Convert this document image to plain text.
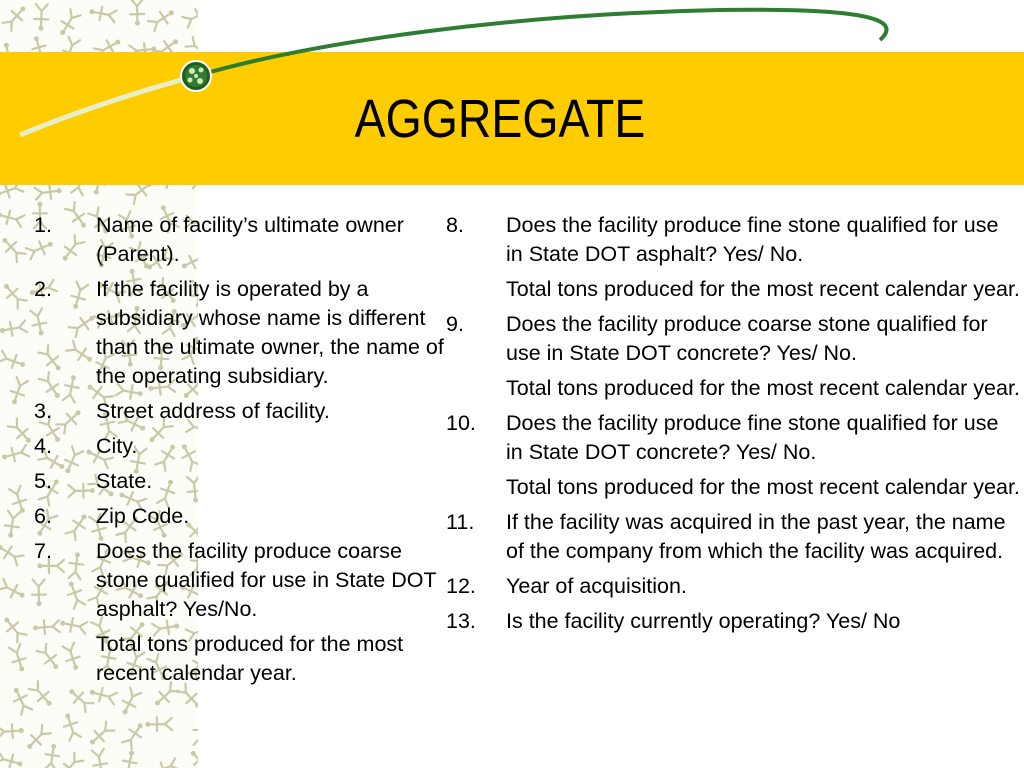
AGGREGATE
1. Name of facility’s ultimate owner (Parent).
2. If the facility is operated by a subsidiary whose name is different than the ultimate owner, the name of the operating subsidiary.
3. Street address of facility.
4. City.
5. State.
6. Zip Code.
7. Does the facility produce coarse stone qualified for use in State DOT asphalt? Yes/No.
Total tons produced for the most recent calendar year.
8. Does the facility produce fine stone qualified for use in State DOT asphalt? Yes/ No.
Total tons produced for the most recent calendar year.
9. Does the facility produce coarse stone qualified for use in State DOT concrete? Yes/ No.
Total tons produced for the most recent calendar year.
10. Does the facility produce fine stone qualified for use in State DOT concrete? Yes/ No.
Total tons produced for the most recent calendar year.
11. If the facility was acquired in the past year, the name of the company from which the facility was acquired.
12. Year of acquisition.
13. Is the facility currently operating? Yes/ No
